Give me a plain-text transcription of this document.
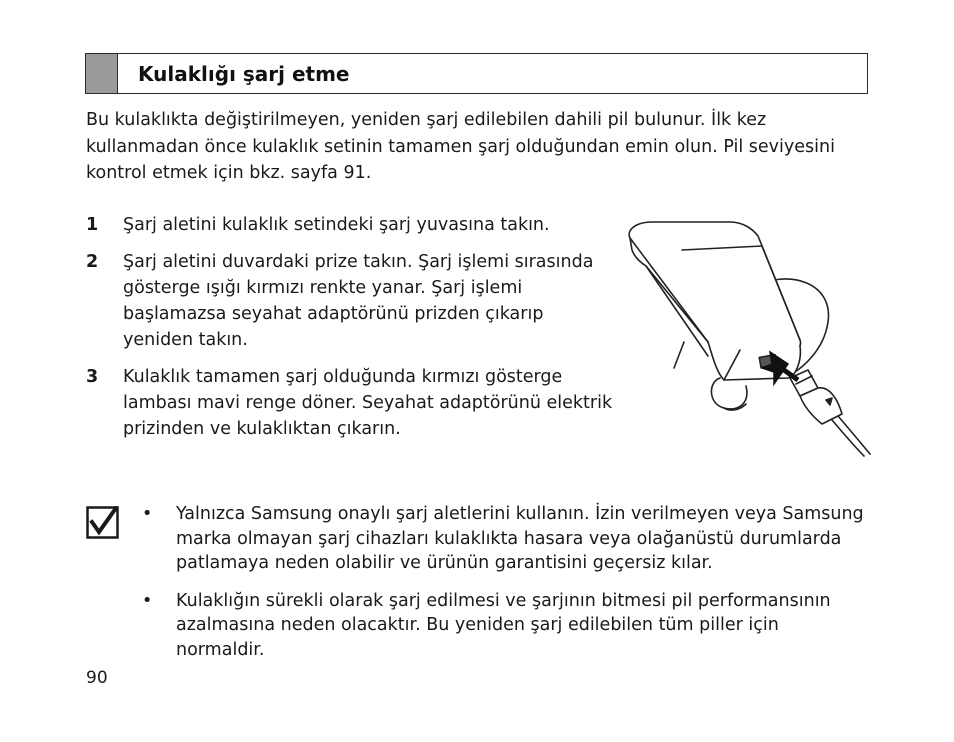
Kulaklığı şarj etme
Bu kulaklıkta değiştirilmeyen, yeniden şarj edilebilen dahili pil bulunur. İlk kez kullanmadan önce kulaklık setinin tamamen şarj olduğundan emin olun. Pil seviyesini kontrol etmek için bkz. sayfa 91.
1 Şarj aletini kulaklık setindeki şarj yuvasına takın.
2 Şarj aletini duvardaki prize takın. Şarj işlemi sırasında gösterge ışığı kırmızı renkte yanar. Şarj işlemi başlamazsa seyahat adaptörünü prizden çıkarıp yeniden takın.
3 Kulaklık tamamen şarj olduğunda kırmızı gösterge lambası mavi renge döner. Seyahat adaptörünü elektrik prizinden ve kulaklıktan çıkarın.
• Yalnızca Samsung onaylı şarj aletlerini kullanın. İzin verilmeyen veya Samsung marka olmayan şarj cihazları kulaklıkta hasara veya olağanüstü durumlarda patlamaya neden olabilir ve ürünün garantisini geçersiz kılar.
• Kulaklığın sürekli olarak şarj edilmesi ve şarjının bitmesi pil performansının azalmasına neden olacaktır. Bu yeniden şarj edilebilen tüm piller için normaldir.
90
